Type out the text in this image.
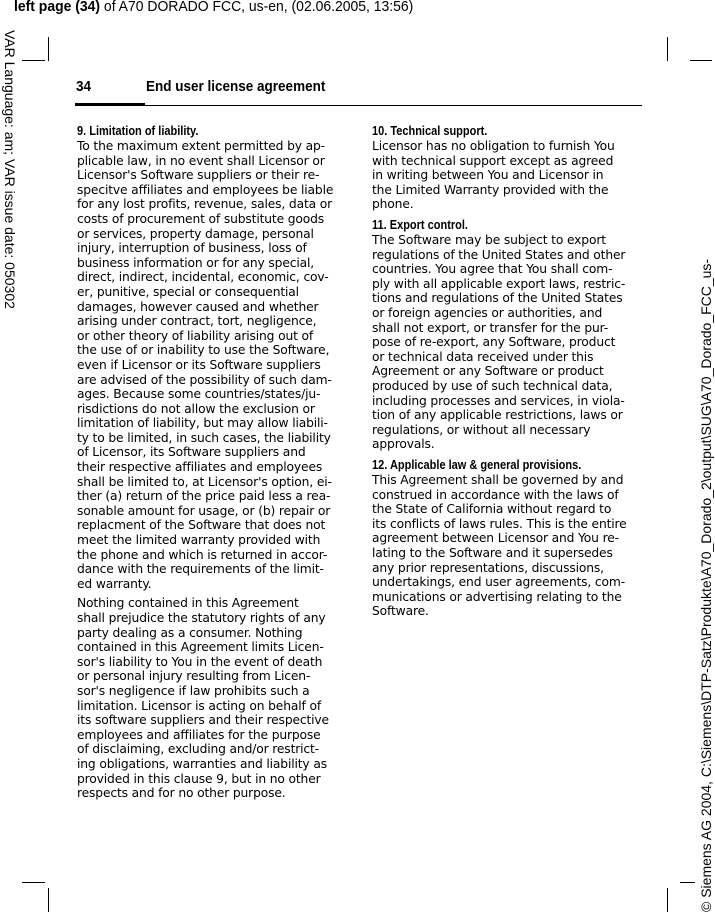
left page (34) of A70 DORADO FCC, us-en, (02.06.2005, 13:56)
VAR Language: am; VAR issue date: 050302
© Siemens AG 2004, C:\Siemens\DTP-Satz\Produkte\A70_Dorado_2\output\SUG\A70_Dorado_FCC_us-
34	End user license agreement
9. Limitation of liability.
To the maximum extent permitted by ap-
plicable law, in no event shall Licensor or
Licensor's Software suppliers or their re-
specitve affiliates and employees be liable
for any lost profits, revenue, sales, data or
costs of procurement of substitute goods
or services, property damage, personal
injury, interruption of business, loss of
business information or for any special,
direct, indirect, incidental, economic, cov-
er, punitive, special or consequential
damages, however caused and whether
arising under contract, tort, negligence,
or other theory of liability arising out of
the use of or inability to use the Software,
even if Licensor or its Software suppliers
are advised of the possibility of such dam-
ages. Because some countries/states/ju-
risdictions do not allow the exclusion or
limitation of liability, but may allow liabili-
ty to be limited, in such cases, the liability
of Licensor, its Software suppliers and
their respective affiliates and employees
shall be limited to, at Licensor's option, ei-
ther (a) return of the price paid less a rea-
sonable amount for usage, or (b) repair or
replacment of the Software that does not
meet the limited warranty provided with
the phone and which is returned in accor-
dance with the requirements of the limit-
ed warranty.
Nothing contained in this Agreement
shall prejudice the statutory rights of any
party dealing as a consumer. Nothing
contained in this Agreement limits Licen-
sor's liability to You in the event of death
or personal injury resulting from Licen-
sor's negligence if law prohibits such a
limitation. Licensor is acting on behalf of
its software suppliers and their respective
employees and affiliates for the purpose
of disclaiming, excluding and/or restrict-
ing obligations, warranties and liability as
provided in this clause 9, but in no other
respects and for no other purpose.
10. Technical support.
Licensor has no obligation to furnish You
with technical support except as agreed
in writing between You and Licensor in
the Limited Warranty provided with the
phone.
11. Export control.
The Software may be subject to export
regulations of the United States and other
countries. You agree that You shall com-
ply with all applicable export laws, restric-
tions and regulations of the United States
or foreign agencies or authorities, and
shall not export, or transfer for the pur-
pose of re-export, any Software, product
or technical data received under this
Agreement or any Software or product
produced by use of such technical data,
including processes and services, in viola-
tion of any applicable restrictions, laws or
regulations, or without all necessary
approvals.
12. Applicable law & general provisions.
This Agreement shall be governed by and
construed in accordance with the laws of
the State of California without regard to
its conflicts of laws rules. This is the entire
agreement between Licensor and You re-
lating to the Software and it supersedes
any prior representations, discussions,
undertakings, end user agreements, com-
munications or advertising relating to the
Software.
